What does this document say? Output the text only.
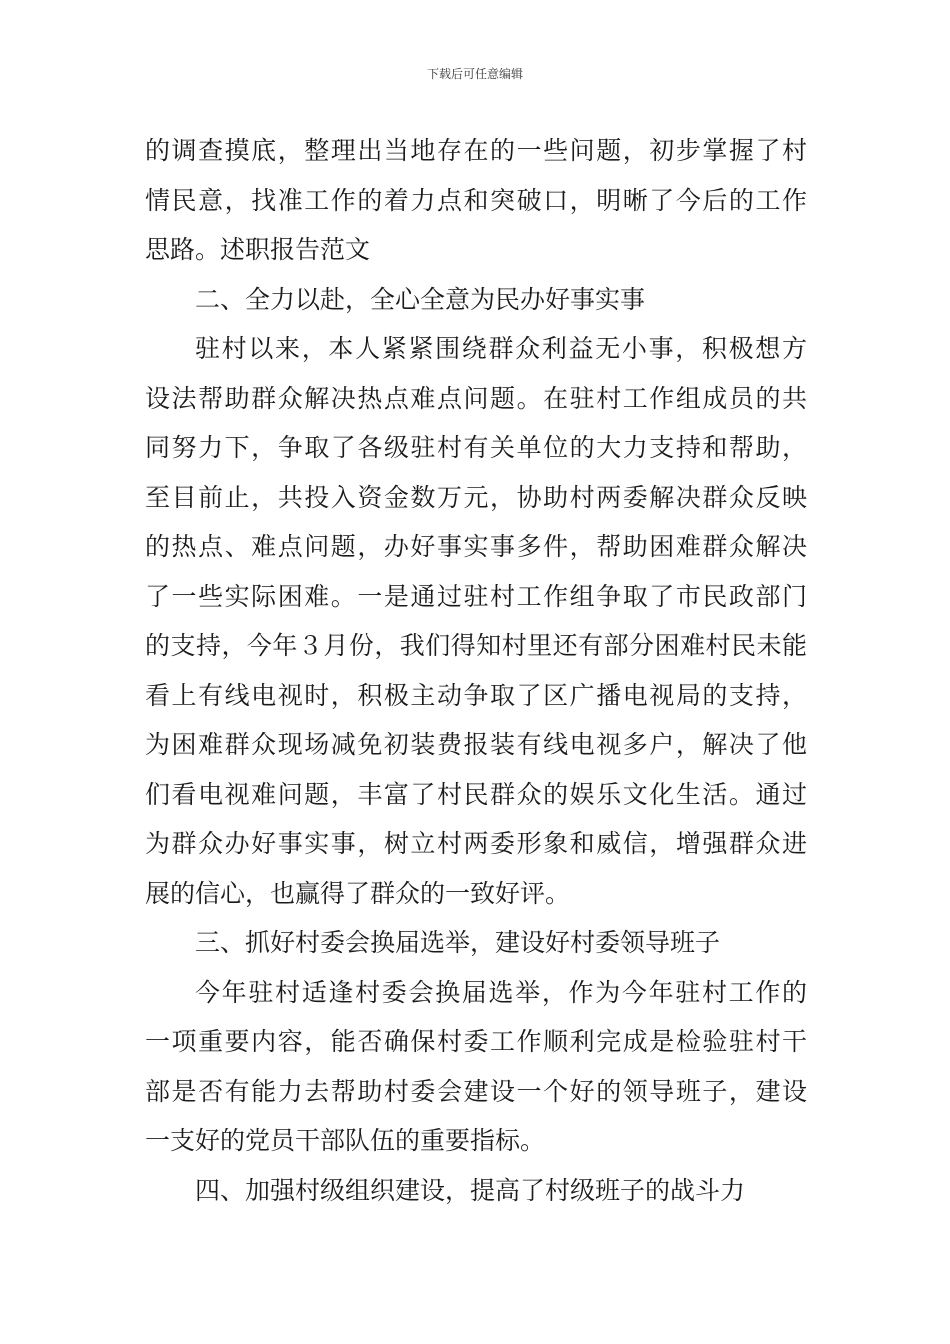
下载后可任意编辑
的调查摸底，整理出当地存在的一些问题，初步掌握了村
情民意，找准工作的着力点和突破口，明晰了今后的工作
思路。述职报告范文
二、全力以赴，全心全意为民办好事实事
驻村以来，本人紧紧围绕群众利益无小事，积极想方
设法帮助群众解决热点难点问题。在驻村工作组成员的共
同努力下，争取了各级驻村有关单位的大力支持和帮助，
至目前止，共投入资金数万元，协助村两委解决群众反映
的热点、难点问题，办好事实事多件，帮助困难群众解决
了一些实际困难。一是通过驻村工作组争取了市民政部门
的支持，今年３月份，我们得知村里还有部分困难村民未能
看上有线电视时，积极主动争取了区广播电视局的支持，
为困难群众现场减免初装费报装有线电视多户，解决了他
们看电视难问题，丰富了村民群众的娱乐文化生活。通过
为群众办好事实事，树立村两委形象和威信，增强群众进
展的信心，也赢得了群众的一致好评。
三、抓好村委会换届选举，建设好村委领导班子
今年驻村适逢村委会换届选举，作为今年驻村工作的
一项重要内容，能否确保村委工作顺利完成是检验驻村干
部是否有能力去帮助村委会建设一个好的领导班子，建设
一支好的党员干部队伍的重要指标。
四、加强村级组织建设，提高了村级班子的战斗力
